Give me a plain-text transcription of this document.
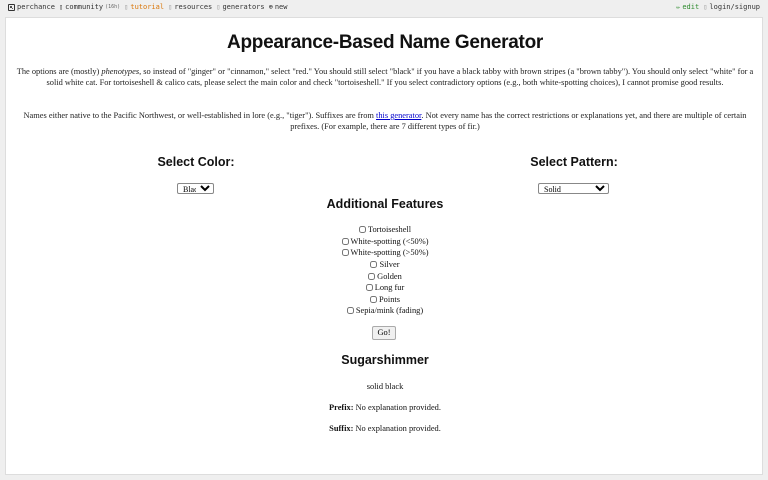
perchance ▯ community (16h) ▯ tutorial ▯ resources ▯ generators ⊕ new	✏ edit ▯ login/signup
Appearance-Based Name Generator

The options are (mostly) phenotypes, so instead of "ginger" or "cinnamon," select "red." You should still select "black" if you have a black tabby with brown stripes (a "brown tabby"). You should only select "white" for a solid white cat. For tortoiseshell & calico cats, please select the main color and check "tortoiseshell." If you select contradictory options (e.g., both white-spotting choices), I cannot promise good results.

Names either native to the Pacific Northwest, or well-established in lore (e.g., "tiger"). Suffixes are from this generator. Not every name has the correct restrictions or explanations yet, and there are multiple of certain prefixes. (For example, there are 7 different types of fir.)

Select Color:
Black	Select Pattern:
Solid
Additional Features
Tortoiseshell
White-spotting (<50%)
White-spotting (>50%)
Silver
Golden
Long fur
Points
Sepia/mink (fading)
Go!
Sugarshimmer

solid black

Prefix: No explanation provided.

Suffix: No explanation provided.
